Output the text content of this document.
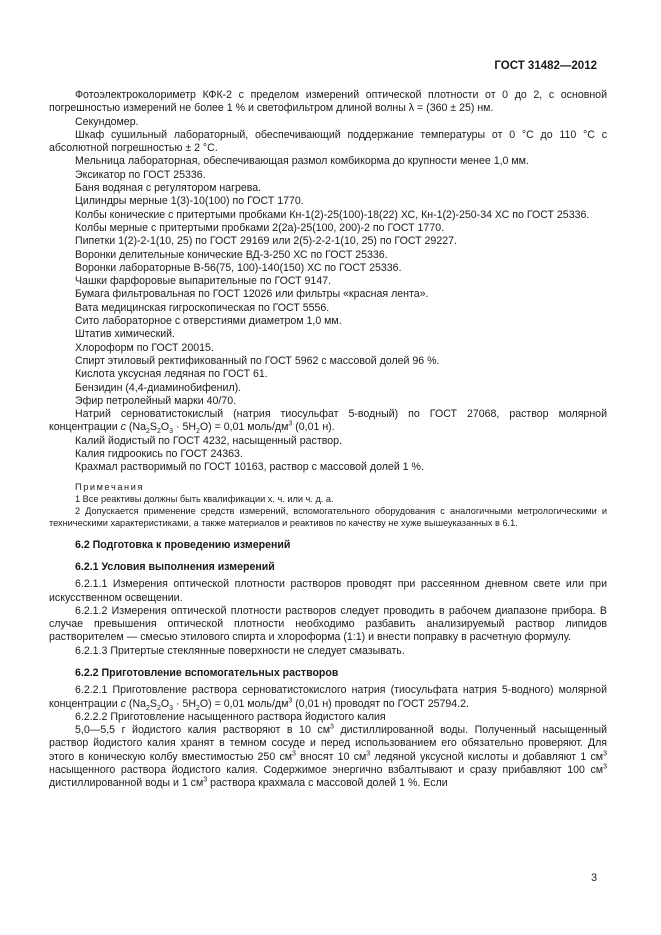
ГОСТ 31482—2012

Фотоэлектроколориметр КФК-2 с пределом измерений оптической плотности от 0 до 2, с основной погрешностью измерений не более 1 % и светофильтром длиной волны λ = (360 ± 25) нм.

Секундомер.

Шкаф сушильный лабораторный, обеспечивающий поддержание температуры от 0 °C до 110 °C с абсолютной погрешностью ± 2 °C.

Мельница лабораторная, обеспечивающая размол комбикорма до крупности менее 1,0 мм.

Эксикатор по ГОСТ 25336.

Баня водяная с регулятором нагрева.

Цилиндры мерные 1(3)-10(100) по ГОСТ 1770.

Колбы конические с притертыми пробками Кн-1(2)-25(100)-18(22) ХС, Кн-1(2)-250-34 ХС по ГОСТ 25336.

Колбы мерные с притертыми пробками 2(2а)-25(100, 200)-2 по ГОСТ 1770.

Пипетки 1(2)-2-1(10, 25) по ГОСТ 29169 или 2(5)-2-2-1(10, 25) по ГОСТ 29227.

Воронки делительные конические ВД-3-250 ХС по ГОСТ 25336.

Воронки лабораторные В-56(75, 100)-140(150) ХС по ГОСТ 25336.

Чашки фарфоровые выпарительные по ГОСТ 9147.

Бумага фильтровальная по ГОСТ 12026 или фильтры «красная лента».

Вата медицинская гигроскопическая по ГОСТ 5556.

Сито лабораторное с отверстиями диаметром 1,0 мм.

Штатив химический.

Хлороформ по ГОСТ 20015.

Спирт этиловый ректификованный по ГОСТ 5962 с массовой долей 96 %.

Кислота уксусная ледяная по ГОСТ 61.

Бензидин (4,4-диаминобифенил).

Эфир петролейный марки 40/70.

Натрий серноватистокислый (натрия тиосульфат 5-водный) по ГОСТ 27068, раствор молярной концентрации c $(Na_2S_2O_3 \cdot 5H_2O) = 0,01$ моль/$дм^3$ (0,01 н).

Калий йодистый по ГОСТ 4232, насыщенный раствор.

Калия гидроокись по ГОСТ 24363.

Крахмал растворимый по ГОСТ 10163, раствор с массовой долей 1 %.

Примечания

1 Все реактивы должны быть квалификации х. ч. или ч. д. а.

2 Допускается применение средств измерений, вспомогательного оборудования с аналогичными метрологическими и техническими характеристиками, а также материалов и реактивов по качеству не хуже вышеуказанных в 6.1.

6.2 Подготовка к проведению измерений
6.2.1 Условия выполнения измерений

6.2.1.1 Измерения оптической плотности растворов проводят при рассеянном дневном свете или при искусственном освещении.

6.2.1.2 Измерения оптической плотности растворов следует проводить в рабочем диапазоне прибора. В случае превышения оптической плотности необходимо разбавить анализируемый раствор липидов растворителем — смесью этилового спирта и хлороформа (1:1) и внести поправку в расчетную формулу.

6.2.1.3 Притертые стеклянные поверхности не следует смазывать.

6.2.2 Приготовление вспомогательных растворов

6.2.2.1 Приготовление раствора серноватистокислого натрия (тиосульфата натрия 5-водного) молярной концентрации c $(Na_2S_2O_3 \cdot 5H_2O) = 0,01$ моль/$дм^3$ (0,01 н) проводят по ГОСТ 25794.2.

6.2.2.2 Приготовление насыщенного раствора йодистого калия

5,0—5,5 г йодистого калия растворяют в 10 $см^3$ дистиллированной воды. Полученный насыщенный раствор йодистого калия хранят в темном сосуде и перед использованием его обязательно проверяют. Для этого в коническую колбу вместимостью 250 $см^3$ вносят 10 $см^3$ ледяной уксусной кислоты и добавляют 1 $см^3$ насыщенного раствора йодистого калия. Содержимое энергично взбалтывают и сразу прибавляют 100 $см^3$ дистиллированной воды и 1 $см^3$ раствора крахмала с массовой долей 1 %. Если

3
